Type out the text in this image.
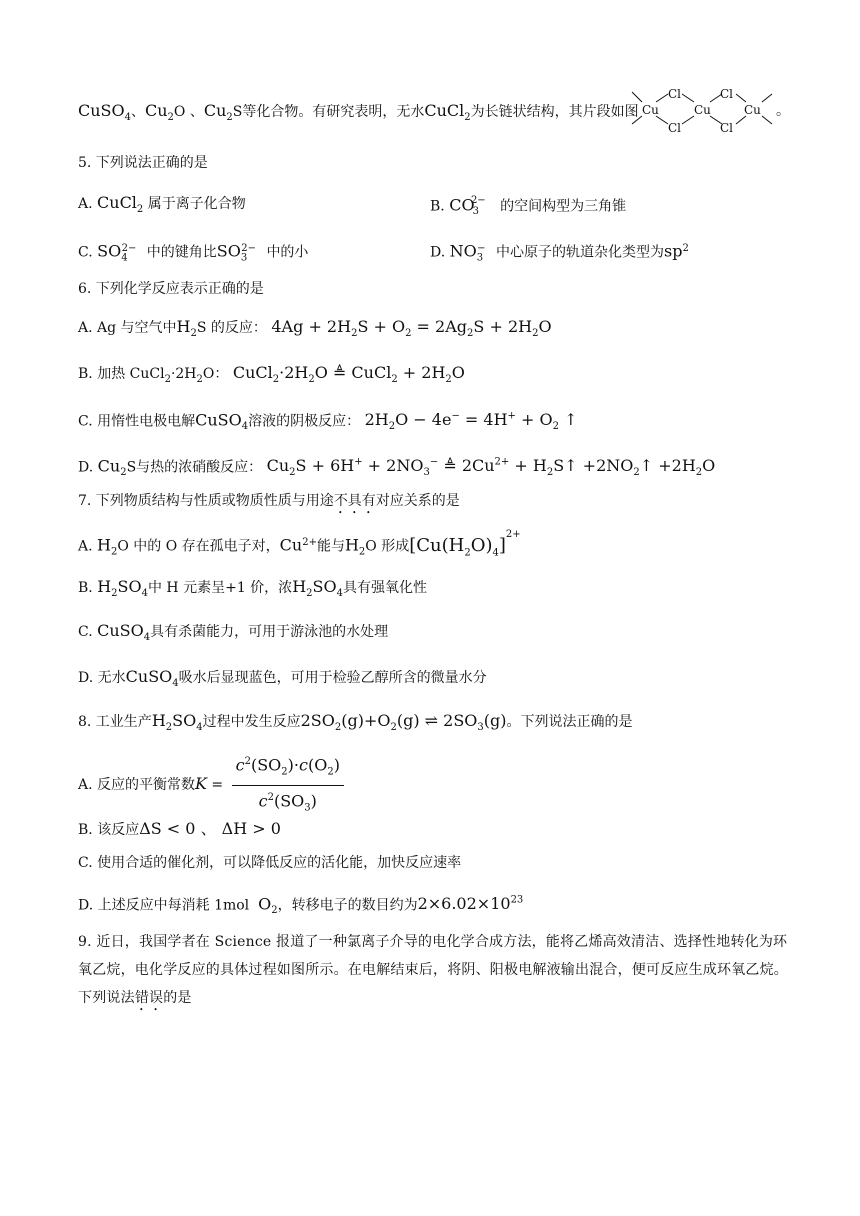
CuSO$_4$、$Cu_2O$ 、$Cu_2S$等化合物。有研究表明，无水CuCl$_2$为长链状结构，其片段如图 Cu
Cl
Cl
Cu
Cl
Cl
Cu 。
5. 下列说法正确的是
A. CuCl$_2$ 属于离子化合物	B. $CO_3^{2-}$ 的空间构型为三角锥
C. $SO_4^{2-}$ 中的键角比$SO_3^{2-}$ 中的小	D. $NO_3^-$ 中心原子的轨道杂化类型为$sp^2$
6. 下列化学反应表示正确的是
A. Ag 与空气中$H_2S$ 的反应： $4Ag + 2H_2S + O_2 = 2Ag_2S + 2H_2O$
B. 加热 $CuCl_2\cdot 2H_2O$： $CuCl_2\cdot 2H_2O$ ≜ CuCl$_2$ + $2H_2O$
C. 用惰性电极电解CuSO$_4$溶液的阴极反应： $2H_2O - 4e^- = 4H^+ + O_2$ ↑
D. $Cu_2S$与热的浓硝酸反应： $Cu_2S + 6H^+ + 2NO_3^-$ ≜ $2Cu^{2+}$ + $H_2S↑$ $+2NO_2↑ +2H_2O$
7. 下列物质结构与性质或物质性质与用途不具有对应关系的是
A. $H_2O$ 中的 O 存在孤电子对，$Cu^{2+}$能与$H_2O$ 形成$[Cu(H_2O)_4]^{2+}$
B. $H_2SO_4$中 H 元素呈+1 价，浓$H_2SO_4$具有强氧化性
C. CuSO$_4$具有杀菌能力，可用于游泳池的水处理
D. 无水CuSO$_4$吸水后显现蓝色，可用于检验乙醇所含的微量水分
8. 工业生产$H_2SO_4$过程中发生反应$2SO_2(g)+O_2(g)$ ⇌ $2SO_3(g)$。下列说法正确的是
A. 反应的平衡常数$K = \frac{c^2(SO_2)\cdot c(O_2)}{c^2(SO_3)}$
B. 该反应ΔS < 0 、 ΔH > 0
C. 使用合适的催化剂，可以降低反应的活化能，加快反应速率
D. 上述反应中每消耗 1mol $O_2$，转移电子的数目约为$2\times 6.02\times 10^{23}$
9. 近日，我国学者在 Science 报道了一种氯离子介导的电化学合成方法，能将乙烯高效清洁、选择性地转化为环氧乙烷，电化学反应的具体过程如图所示。在电解结束后，将阴、阳极电解液输出混合，便可反应生成环氧乙烷。下列说法错误的是
